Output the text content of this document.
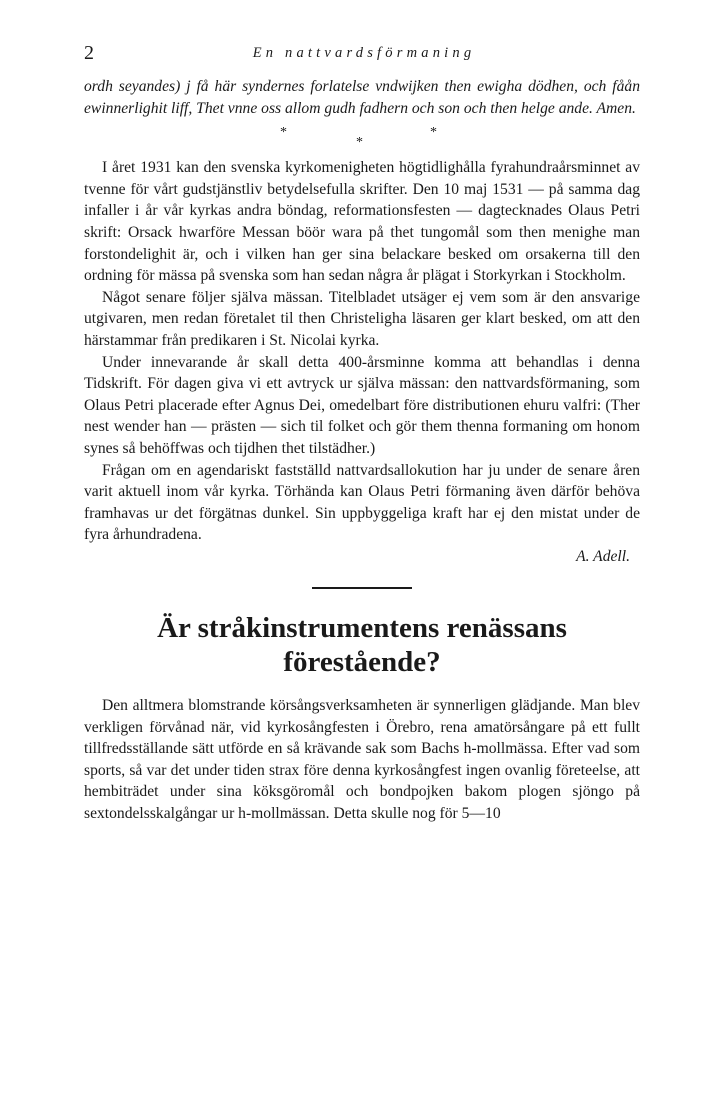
2	En nattvardsförmaning

ordh seyandes) j få här syndernes forlatelse vndwijken then ewigha dödhen, och fåån ewinnerlighit liff, Thet vnne oss allom gudh fadhern och son och then helge ande. Amen.

*
*
*

I året 1931 kan den svenska kyrkomenigheten högtidlighålla fyrahundraårsminnet av tvenne för vårt gudstjänstliv betydelsefulla skrifter. Den 10 maj 1531 — på samma dag infaller i år vår kyrkas andra böndag, reformationsfesten — dagtecknades Olaus Petri skrift: Orsack hwarföre Messan böör wara på thet tungomål som then menighe man forstondelighit är, och i vilken han ger sina belackare besked om orsakerna till den ordning för mässa på svenska som han sedan några år plägat i Storkyrkan i Stockholm.

Något senare följer själva mässan. Titelbladet utsäger ej vem som är den ansvarige utgivaren, men redan företalet til then Christeligha läsaren ger klart besked, om att den härstammar från predikaren i St. Nicolai kyrka.

Under innevarande år skall detta 400-årsminne komma att behandlas i denna Tidskrift. För dagen giva vi ett avtryck ur själva mässan: den nattvardsförmaning, som Olaus Petri placerade efter Agnus Dei, omedelbart före distributionen ehuru valfri: (Ther nest wender han — prästen — sich til folket och gör them thenna formaning om honom synes så behöffwas och tijdhen thet tilstädher.)

Frågan om en agendariskt fastställd nattvardsallokution har ju under de senare åren varit aktuell inom vår kyrka. Törhända kan Olaus Petri förmaning även därför behöva framhavas ur det förgätnas dunkel. Sin uppbyggeliga kraft har ej den mistat under de fyra århundradena.

A. Adell.
Är stråkinstrumentens renässans
förestående?

Den alltmera blomstrande körsångsverksamheten är synnerligen glädjande. Man blev verkligen förvånad när, vid kyrkosångfesten i Örebro, rena amatörsångare på ett fullt tillfredsställande sätt utförde en så krävande sak som Bachs h-mollmässa. Efter vad som sports, så var det under tiden strax före denna kyrkosångfest ingen ovanlig företeelse, att hembiträdet under sina köksgöromål och bondpojken bakom plogen sjöngo på sextondelsskalgångar ur h-mollmässan. Detta skulle nog för 5—10
